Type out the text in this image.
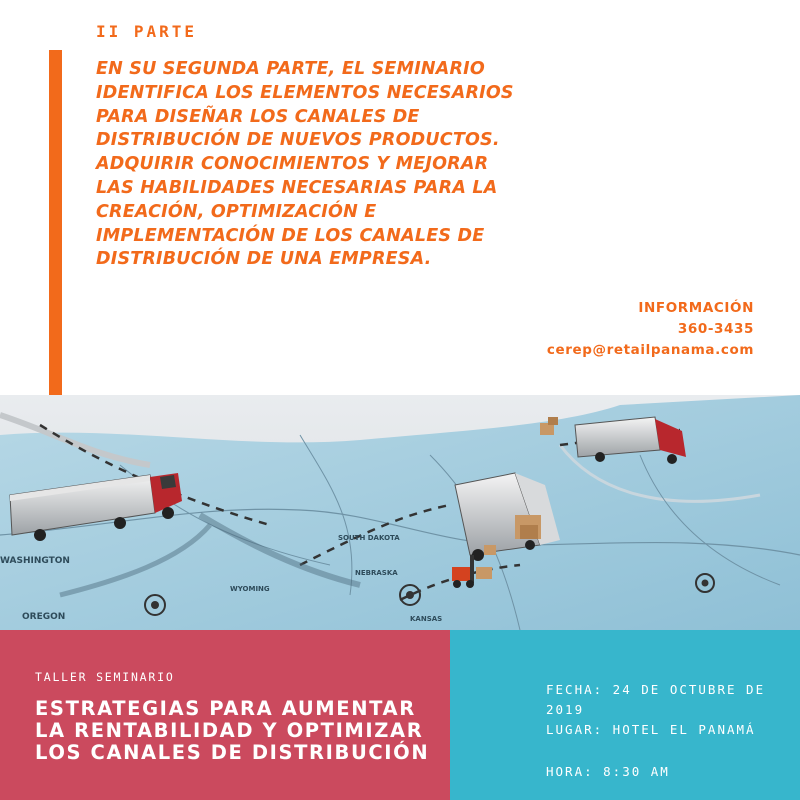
II PARTE
EN SU SEGUNDA PARTE, EL SEMINARIO IDENTIFICA LOS ELEMENTOS NECESARIOS PARA DISEÑAR LOS CANALES DE DISTRIBUCIÓN DE NUEVOS PRODUCTOS. ADQUIRIR CONOCIMIENTOS Y MEJORAR LAS HABILIDADES NECESARIAS PARA LA CREACIÓN, OPTIMIZACIÓN E IMPLEMENTACIÓN DE LOS CANALES DE DISTRIBUCIÓN DE UNA EMPRESA.
INFORMACIÓN
360-3435
cerep@retailpanama.com
WASHINGTON
OREGON
SOUTH DAKOTA
NEBRASKA
KANSAS
WYOMING
TALLER SEMINARIO
ESTRATEGIAS PARA AUMENTAR LA RENTABILIDAD Y OPTIMIZAR LOS CANALES DE DISTRIBUCIÓN
FECHA: 24 DE OCTUBRE DE 2019
LUGAR: HOTEL EL PANAMÁ
HORA: 8:30 AM
